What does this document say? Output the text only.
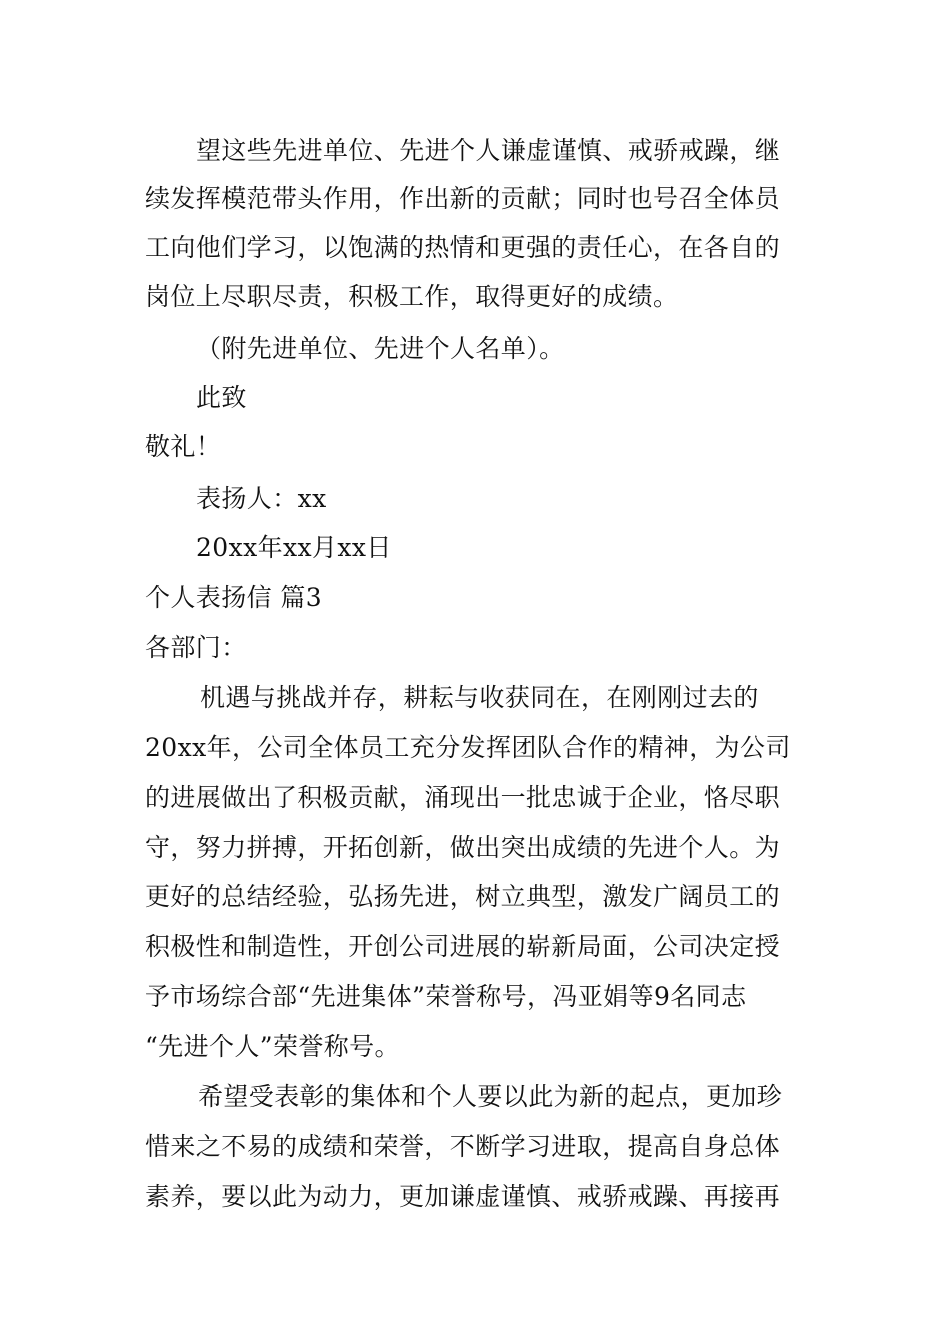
望这些先进单位、先进个人谦虚谨慎、戒骄戒躁，继
续发挥模范带头作用，作出新的贡献；同时也号召全体员
工向他们学习，以饱满的热情和更强的责任心，在各自的
岗位上尽职尽责，积极工作，取得更好的成绩。
（附先进单位、先进个人名单）。
此致
敬礼！
表扬人：xx
20xx年xx月xx日
个人表扬信 篇3
各部门：
机遇与挑战并存，耕耘与收获同在，在刚刚过去的
20xx年，公司全体员工充分发挥团队合作的精神，为公司
的进展做出了积极贡献，涌现出一批忠诚于企业，恪尽职
守，努力拼搏，开拓创新，做出突出成绩的先进个人。为
更好的总结经验，弘扬先进，树立典型，激发广阔员工的
积极性和制造性，开创公司进展的崭新局面，公司决定授
予市场综合部“先进集体”荣誉称号，冯亚娟等9名同志
“先进个人”荣誉称号。
希望受表彰的集体和个人要以此为新的起点，更加珍
惜来之不易的成绩和荣誉，不断学习进取，提高自身总体
素养，要以此为动力，更加谦虚谨慎、戒骄戒躁、再接再
